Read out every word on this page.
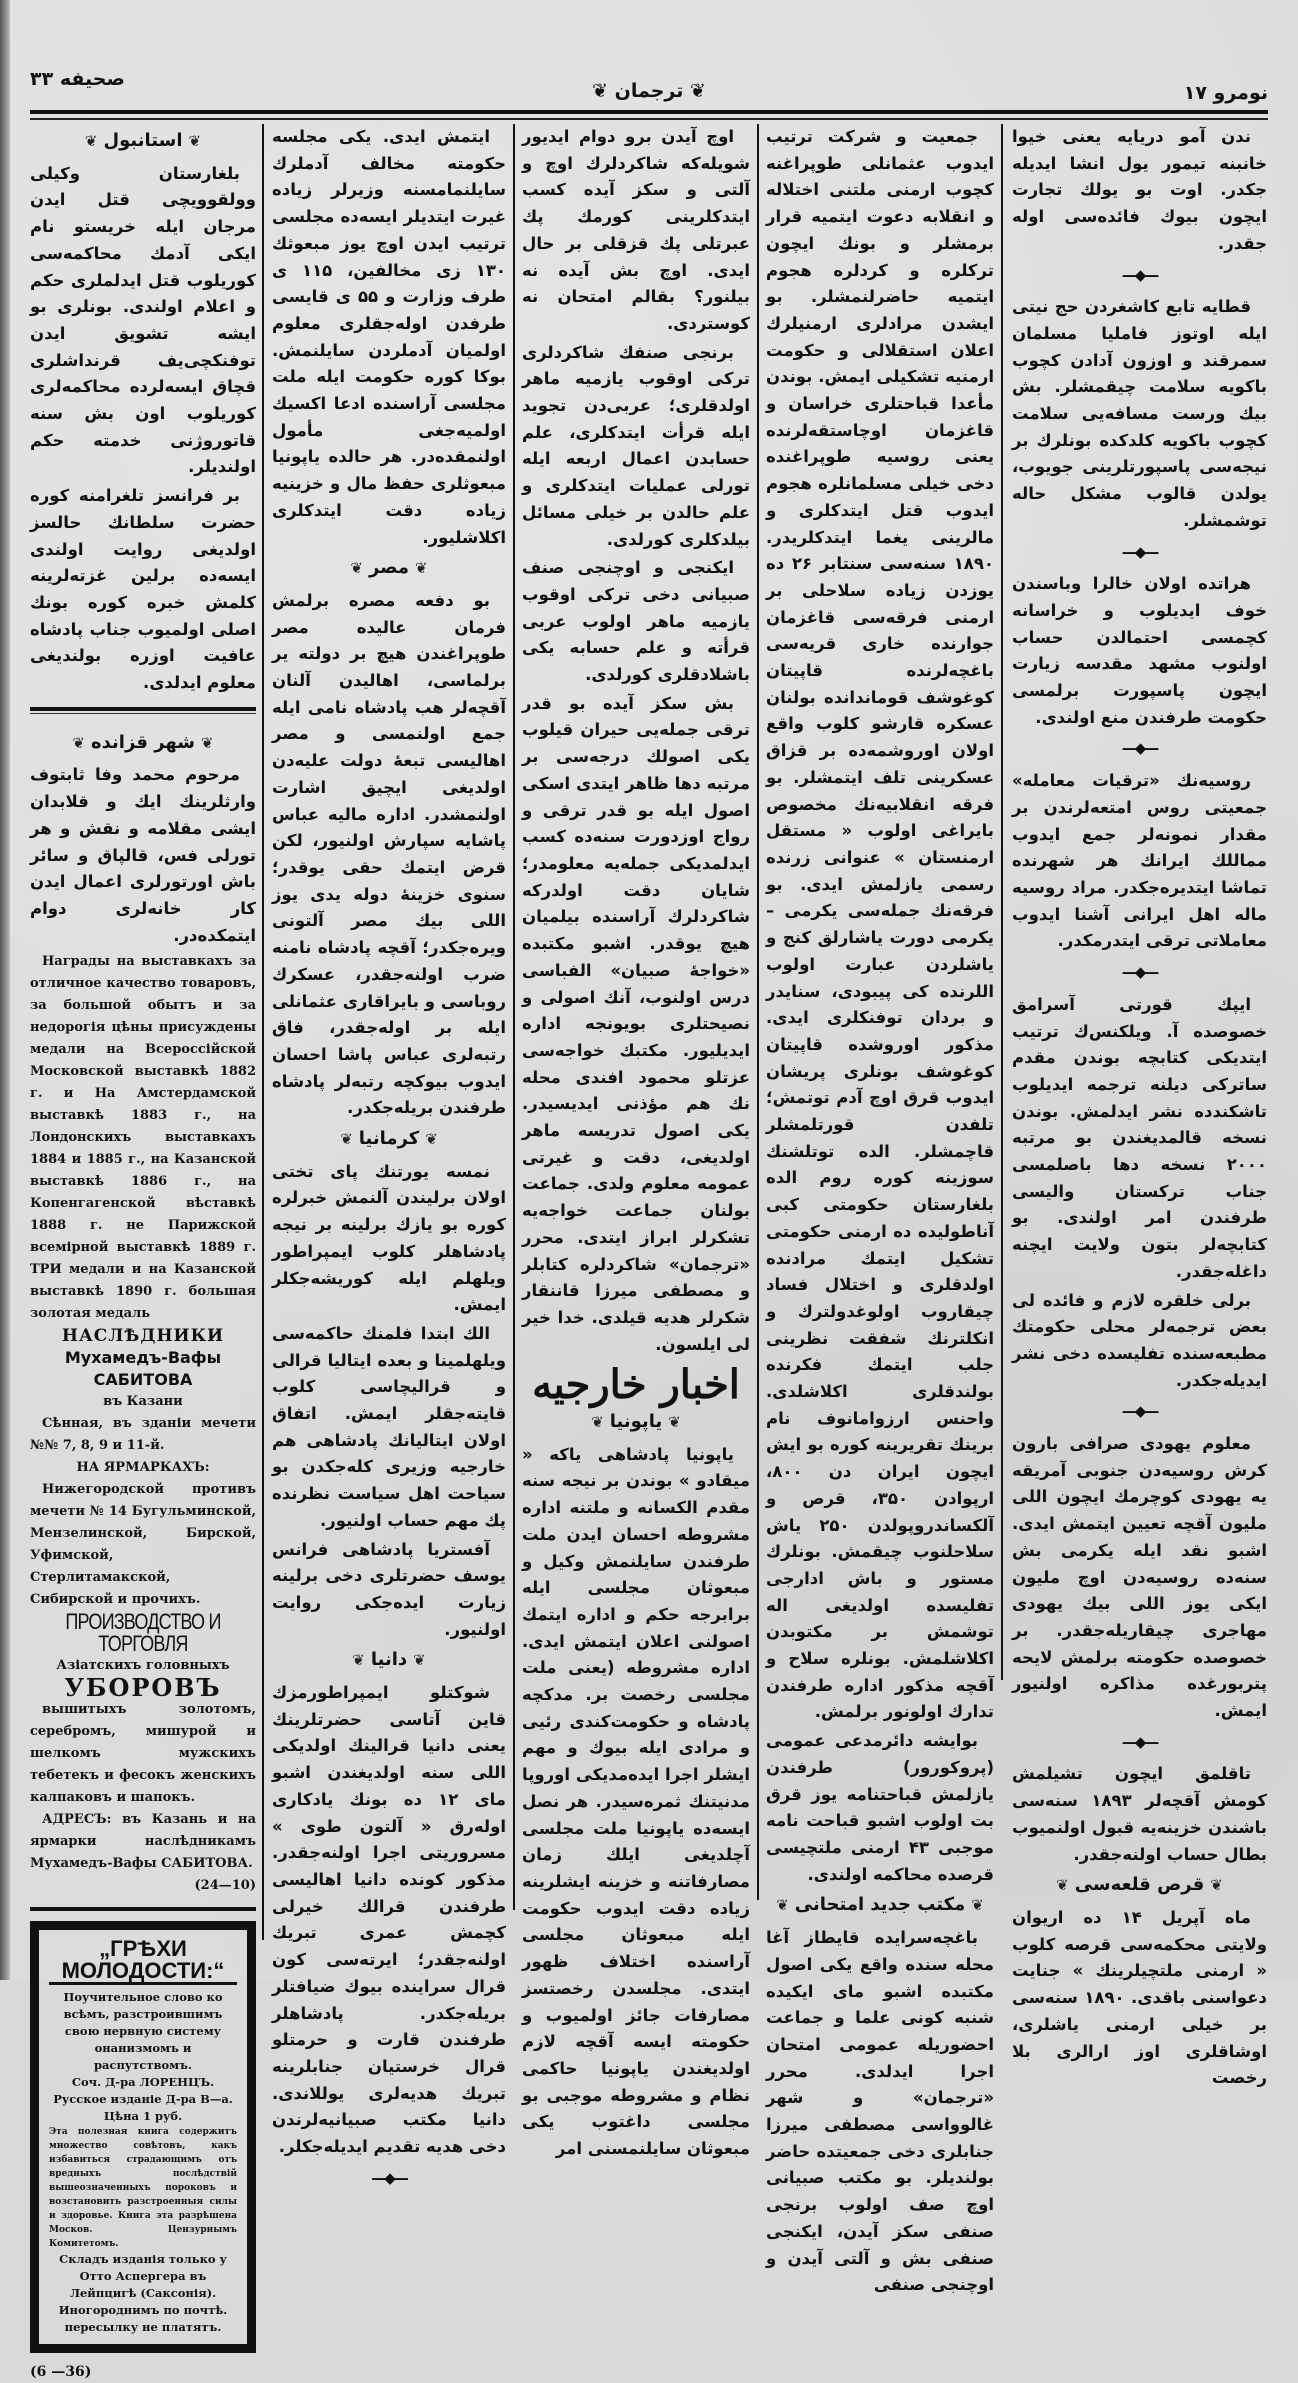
نومرو ۱۷
❦ ترجمان ❦
صحیفه ۳۳

ندن آمو دریایه یعنی خیوا خانبنه تیمور یول انشا ایدیله جکدر. اوت بو یولك تجارت ایچون بیوك فائده‌سی اوله جقدر.

—◆—

قطایه تابع کاشغردن حج نیتی ایله اوتوز فامليا مسلمان سمرقند و اوزون آدادن کچوب باکویه سلامت چیقمشلر. بش بیك ورست مسافه‌یی سلامت کچوب باکویه کلدکده بونلرك بر نیجه‌سی پاسپورتلرینی جویوب، یولدن قالوب مشکل حاله توشمشلر.

—◆—

هراتده اولان خالرا وباسندن خوف ایدیلوب و خراسانه کچمسی احتمالدن حساب اولنوب مشهد مقدسه زیارت ایچون پاسپورت برلمسی حکومت طرفندن منع اولندی.

—◆—

روسیه‌نك «ترقیات معامله» جمعیتی روس امتعه‌لرندن بر مقدار نمونه‌لر جمع ایدوب مماللك ایرانك هر شهرنده تماشا ایتدیره‌جکدر. مراد روسیه ماله اهل ایرانی آشنا ایدوب معاملاتی ترقی ایتدرمکدر.

—◆—

ایپك قورتی آسرامق خصوصده آ. ویلکنس‌ك ترتیب ایتدیکی کتابچه بوندن مقدم ساترکی دیلنه ترجمه ایدیلوب تاشکندده نشر ایدلمش. بوندن نسخه قالمدیغندن بو مرتبه ۲۰۰۰ نسخه دها باصلمسی جناب ترکستان والیسی طرفندن امر اولندی. بو کتابچه‌لر بتون ولایت ایچنه داغله‌جقدر.

برلی خلقره لازم و فائده لی بعض ترجمه‌لر محلی حکومتك مطبعه‌سنده تفلیسده دخی نشر ایدیله‌جکدر.

—◆—

معلوم یهودی صرافی بارون کرش روسیه‌دن جنوبی آمریقه یه یهودی کوچرمك ایچون اللی ملیون آقچه تعیین ایتمش ایدی. اشبو نقد ایله یکرمی بش سنه‌ده روسیه‌دن اوچ ملیون ایکی یوز اللی بیك یهودی مهاجری چیقاریله‌جقدر. بر خصوصده حکومته برلمش لایحه پتربورغده مذاکره اولنیور ایمش.

—◆—

تاقلمق ایچون تشیلمش کومش آقچه‌لر ۱۸۹۳ سنه‌سی باشندن خزینه‌یه قبول اولنمیوب بطال حساب اولنه‌جقدر.

❦قرص قلعه‌سی❦

ماه آپریل ۱۴ ده اریوان ولایتی محکمه‌سی قرصه کلوب « ارمنی ملتچیلرینك » جنایت دعواسنی باقدی. ۱۸۹۰ سنه‌سی بر خیلی ارمنی یاشلری، اوشاقلری اوز ارالری بلا رخصت

جمعیت و شرکت ترتیب ایدوب عثمانلی طوپراغنه کچوب ارمنی ملتنی اختلاله و انقلابه دعوت ایتمیه قرار برمشلر و بونك ایچون ترکلره و کردلره هجوم ایتمیه حاضرلنمشلر. بو ایشدن مرادلری ارمنیلرك اعلان استقلالی و حکومت ارمنیه تشکیلی ایمش. بوندن مأعدا قباحتلری خراسان و قاغزمان اوچاستقه‌لرنده یعنی روسیه طوپراغنده دخی خیلی مسلمانلره هجوم ایدوب قتل ایتدکلری و مالرینی یغما ایتدکلریدر. ۱۸۹۰ سنه‌سی سنتابر ۲۶ ده یوزدن زیاده سلاحلی بر ارمنی فرقه‌سی قاغزمان جوارنده خاری قریه‌سی باغچه‌لرنده قاپیتان کوغوشف قوماندانده بولنان عسکره قارشو کلوب واقع اولان اوروشمه‌ده بر قزاق عسکرینی تلف ایتمشلر. بو فرقه انقلابیه‌نك مخصوص بایراغی اولوب « مستقل ارمنستان » عنوانی زرنده رسمی یازلمش ایدی. بو فرقه‌نك جمله‌سی یکرمی – یکرمی دورت یاشارلق کنج و یاشلردن عبارت اولوب اللرنده کی پیبودی، سنایدر و بردان توفنکلری ایدی. مذکور اوروشده قاپیتان کوغوشف بونلری پریشان ایدوب قرق اوچ آدم توتمش؛ تلفدن قورتلمشلر قاچمشلر. الده توتلشنك سوزینه کوره روم الده بلغارستان حکومتی کبی آناطولیده ده ارمنی حکومتی تشکیل ایتمك مرادنده اولدقلری و اختلال فساد چیقاروب اولوغدولترك و انکلترنك شفقت نظرینی جلب ایتمك فکرنده بولندقلری اکلاشلدی. واحنس ارزوامانوف نام برینك تقریرینه کوره بو ایش ایچون ایران دن ۸۰۰، ارپوادن ۳۵۰، قرص و آلکساندروپولدن ۲۵۰ یاش سلاحلنوب چیقمش. بونلرك مستور و باش ادارجی تفلیسده اولدیغی اله توشمش بر مکتوبدن اکلاشلمش. بونلره سلاح و آقچه مذکور اداره طرفندن تدارك اولونور برلمش.

بوایشه دائرمدعی عمومی (پروکورور) طرفندن یازلمش قباحتنامه یوز قرق بت اولوب اشبو قباحت نامه موجبی ۴۳ ارمنی ملتچیسی قرصده محاکمه اولندی.

❦مکتب جدید امتحانی❦

باغچه‌سرایده قایطاز آغا محله سنده واقع یکی اصول مکتبده اشبو مای ایکیده شنبه کونی علما و جماعت احضوریله عمومی امتحان اجرا ایدلدی. محرر «ترجمان» و شهر غالوواسی مصطفی میرزا جنابلری دخی جمعیتده حاضر بولندیلر. بو مکتب صبیانی اوچ صف اولوب برنجی صنفی سکز آیدن، ایکنجی صنفی بش و آلتی آیدن و اوچنجی صنفی

اوچ آیدن برو دوام ایدیور شویله‌که شاکردلرك اوچ و آلتی و سکز آیده کسب ایتدکلرینی کورمك پك عبرتلی پك قزقلی بر حال ایدی. اوچ بش آیده نه بیلنور؟ بقالم امتحان نه کوستردی.

برنجی صنفك شاکردلری ترکی اوقوب یازمیه ماهر اولدقلری؛ عربی‌دن تجوید ایله قرأت ایتدکلری، علم حسابدن اعمال اربعه ایله تورلی عملیات ایتدکلری و علم حالدن بر خیلی مسائل بیلدکلری کورلدی.

ایکنجی و اوچنجی صنف صبیانی دخی ترکی اوقوب یازمیه ماهر اولوب عربی قرأته و علم حسابه یکی باشلادقلری کورلدی.

بش سکز آیده بو قدر ترقی جمله‌یی حیران قیلوب یکی اصولك درجه‌سی بر مرتبه دها ظاهر ایتدی اسکی اصول ایله بو قدر ترقی و رواج اوزدورت سنه‌ده کسب ایدلمدیکی جمله‌یه معلومدر؛ شایان دقت اولدرکه شاکردلرك آراسنده بیلمیان هیچ یوقدر. اشبو مکتبده «خواجهٔ صبیان» الفباسی درس اولنوب، آنك اصولی و نصیحتلری بویونجه اداره ایدیلیور. مکتبك خواجه‌سی عزتلو محمود افندی محله نك هم مؤذنی ایدیسیدر. یکی اصول تدریسه ماهر اولدیغی، دقت و غیرتی عمومه معلوم ولدی. جماعت بولنان جماعت خواجه‌یه تشکرلر ابراز ایتدی. محرر «ترجمان» شاکردلره کتابلر و مصطفی میرزا قاننقار شکرلر هدیه قیلدی. خدا خیر لی ایلسون.

اخبار خارجیه
❦یاپونیا❦

یاپونیا پادشاهی یاکه « میقادو » بوندن بر نیجه سنه مقدم الکسانه و ملتنه اداره مشروطه احسان ایدن ملت طرفندن سایلنمش وکیل و مبعوثان مجلسی ایله برابرجه حکم و اداره ایتمك اصولنی اعلان ایتمش ایدی. اداره مشروطه (یعنی ملت مجلسی رخصت بر. مدکچه پادشاه و حکومت‌کندی رئیی و مرادی ایله بیوك و مهم ایشلر اجرا ایده‌مدیکی اوروپا مدنیتنك ثمره‌سیدر. هر نصل ایسه‌ده یاپونیا ملت مجلسی آچلدیغی ایلك زمان مصارفاتنه و خزینه ایشلرینه زیاده دقت ایدوب حکومت ایله مبعوثان مجلسی آراسنده اختلاف ظهور ایتدی. مجلسدن رخصتسز مصارفات جائز اولمیوب و حکومته ایسه آقچه لازم اولدیغندن یاپونیا حاکمی نظام و مشروطه موجبی بو مجلسی داغتوب یکی مبعوثان سایلنمسنی امر

ایتمش ایدی. یکی مجلسه حکومته مخالف آدملرك سایلنمامسنه وزیرلر زیاده غیرت ایتدیلر ایسه‌ده مجلسی ترتیب ایدن اوچ یوز مبعوثك ۱۳۰ زی مخالفین، ۱۱۵ ی طرف وزارت و ۵۵ ی قایسی طرفدن اوله‌جقلری معلوم اولمیان آدملردن سایلنمش. بوکا کوره حکومت ایله ملت مجلسی آراسنده ادعا اکسیك اولمیه‌جغی مأمول اولنمقده‌در. هر حالده یاپونیا مبعوثلری حفظ مال و خزینیه زیاده دقت ایتدکلری اکلاشلیور.

❦مصر❦

بو دفعه مصره برلمش فرمان عالیده مصر طوپراغندن هیچ بر دولته یر برلماسی، اهالیدن آلنان آقچه‌لر هب پادشاه نامی ایله جمع اولنمسی و مصر اهالیسی تبعهٔ دولت علیه‌دن اولدیغی ایچیق اشارت اولنمشدر. اداره مالیه عباس پاشایه سپارش اولنیور، لکن قرض ایتمك حقی یوقدر؛ سنوی خزینهٔ دوله یدی یوز اللی بیك مصر آلتونی ویره‌جکدر؛ آقچه پادشاه نامنه ضرب اولنه‌جقدر، عسکرك روباسی و بایراقاری عثمانلی ایله بر اوله‌جقدر، فاق رتبه‌لری عباس پاشا احسان ایدوب بیوکچه رتبه‌لر پادشاه طرفندن بریله‌جکدر.

❦کرمانیا❦

نمسه یورتنك پای تختی اولان برلیندن آلنمش خبرلره کوره بو یازك برلینه بر نیجه پادشاهلر کلوب ایمپراطور ویلهلم ایله کوریشه‌جکلر ایمش.

الك ابتدا فلمنك حاکمه‌سی ویلهلمینا و بعده ایتالیا قرالی و قرالیچاسی کلوب قایته‌جقلر ایمش. اتفاق اولان ایتالیانك پادشاهی هم خارجیه وزیری کله‌جکدن بو سیاحت اهل سیاست نظرنده پك مهم حساب اولنیور.

آفستریا پادشاهی فرانس یوسف حضرتلری دخی برلینه زیارت ایده‌جکی روایت اولنیور.

❦دانیا❦

شوکتلو ایمپراطورمزك قاین آتاسی حضرتلرینك یعنی دانیا قرالینك اولدیکی اللی سنه اولدیغندن اشبو مای ۱۲ ده بونك یادکاری اوله‌رق « آلتون طوی » مسروریتی اجرا اولنه‌جقدر. مذکور کونده دانیا اهالیسی طرفندن قرالك خیرلی کچمش عمری تبریك اولنه‌جقدر؛ ایرته‌سی کون قرال سراینده بیوك ضیافتلر بریله‌جکدر. پادشاهلر طرفندن قارت و حرمتلو قرال خرستیان جنابلرینه تبریك هدیه‌لری یوللاندی. دانیا مکتب صبیانیه‌لرندن دخی هدیه تقدیم ایدیله‌جکلر.

—◆—
❦استانبول❦

بلغارستان وکیلی وولقوویچی قتل ایدن مرجان ایله خریستو نام ایکی آدمك محاکمه‌سی کوریلوب قتل ایدلملری حکم و اعلام اولندی. بونلری بو ایشه تشویق ایدن توفنکچی‌یف قرنداشلری قچاق ایسه‌لرده محاکمه‌لری کوریلوب اون بش سنه قاتوروژنی خدمته حکم اولندیلر.

بر فرانسز تلغرامنه کوره حضرت سلطانك حالسز اولدیغی روایت اولندی ایسه‌ده برلین غزته‌لرینه کلمش خبره کوره بونك اصلی اولمیوب جناب پادشاه عافیت اوزره بولندیغی معلوم ایدلدی.

❦شهر قزانده❦

مرحوم محمد وفا ثابتوف وارثلرینك ایك و قلابدان ایشی مقلامه و نقش و هر تورلی فس، قالپاق و سائر باش اورتورلری اعمال ایدن کار خانه‌لری دوام ایتمکده‌در.

Награды на выставкахъ за отличное качество товаровъ, за большой обытъ и за недорогія цѣны присуждены медали на Всероссійской Московской выставкѣ 1882 г. и На Амстердамской выставкѣ 1883 г., на Лондонскихъ выставкахъ 1884 и 1885 г., на Казанской выставкѣ 1886 г., на Копенгагенской вѣставкѣ 1888 г. не Парижской всемірной выставкѣ 1889 г. ТРИ медали и на Казанской выставкѣ 1890 г. большая золотая медаль

НАСЛѢДНИКИ

Мухамедъ-Вафы САБИТОВА

въ Казани

Сѣнная, въ зданіи мечети №№ 7, 8, 9 и 11-й.

НА ЯРМАРКАХЪ:

Нижегородской противъ мечети № 14 Бугульминской, Мензелинской, Бирской, Уфимской, Стерлитамакской, Сибирской и прочихъ.

ПРОИЗВОДСТВО И ТОРГОВЛЯ

Азіатскихъ головныхъ

УБОРОВЪ

вышитыхъ золотомъ, серебромъ, мишурой и шелкомъ мужскихъ тебетекъ и фесокъ женскихъ калпаковъ и шапокъ.

АДРЕСЪ: въ Казань и на ярмарки наслѣдникамъ Мухамедъ-Вафы САБИТОВА.

(24—10)

„ГРѢХИ МОЛОДОСТИ:“
Поучительное слово ко всѣмъ, разстроившимъ свою нервную систему онанизмомъ и распутствомъ.
Соч. Д-ра ЛОРЕНЦЪ.
Русское изданіе Д-ра В—а.
Цѣна 1 руб.
Эта полезная книга содержитъ множество совѣтовъ, какъ избавиться страдающимъ отъ вредныхъ послѣдствій вышеозначенныхъ пороковъ и возстановить разстроенныя силы и здоровье. Книга эта разрѣшена Москов. Цензурнымъ Комитетомъ.
Складъ изданія только у Отто Аспергера въ Лейпцигѣ (Саксонія). Иногороднимъ по почтѣ. пересылку не платятъ.
(6 —36)
